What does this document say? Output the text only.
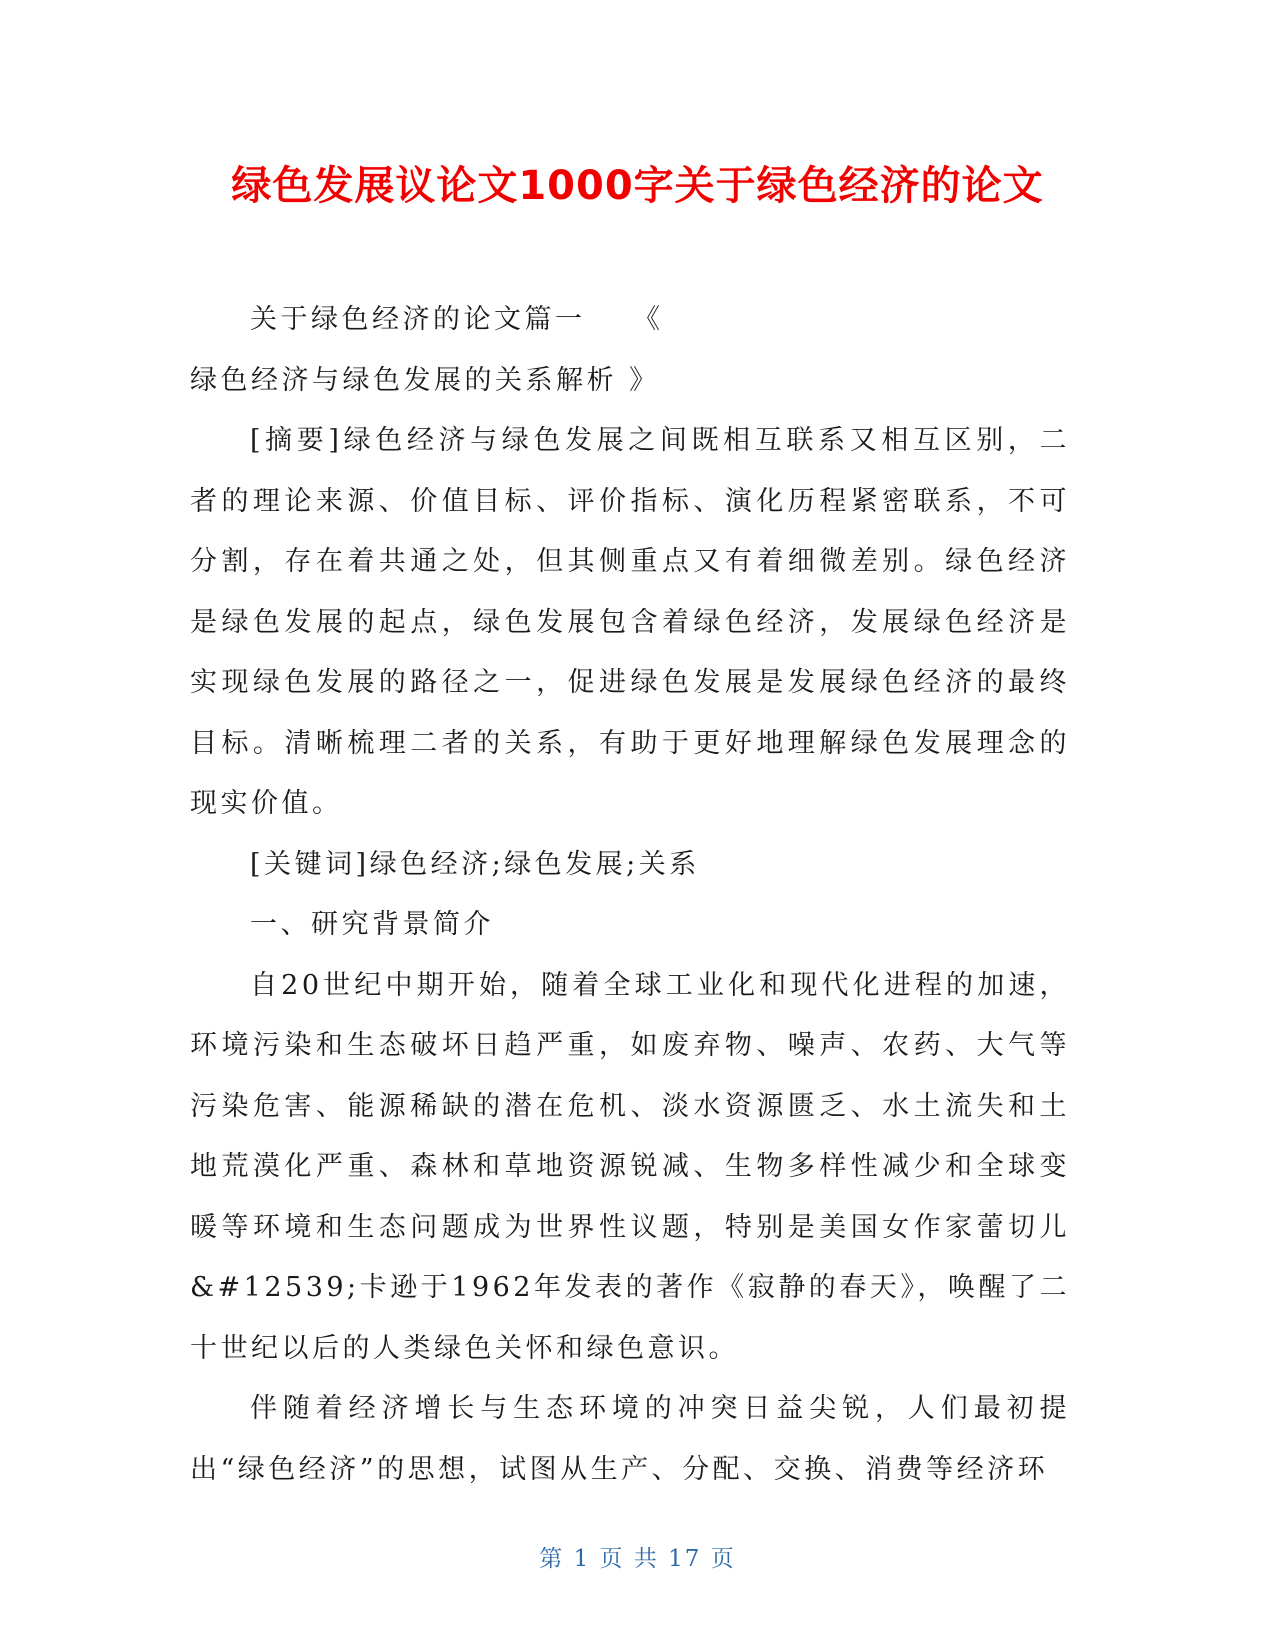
绿色发展议论文1000字关于绿色经济的论文

关于绿色经济的论文篇一　　《

绿色经济与绿色发展的关系解析 》

[摘要]绿色经济与绿色发展之间既相互联系又相互区别，二者的理论来源、价值目标、评价指标、演化历程紧密联系，不可分割，存在着共通之处，但其侧重点又有着细微差别。绿色经济是绿色发展的起点，绿色发展包含着绿色经济，发展绿色经济是实现绿色发展的路径之一，促进绿色发展是发展绿色经济的最终目标。清晰梳理二者的关系，有助于更好地理解绿色发展理念的现实价值。

[关键词]绿色经济;绿色发展;关系

一、研究背景简介

自20世纪中期开始，随着全球工业化和现代化进程的加速，环境污染和生态破坏日趋严重，如废弃物、噪声、农药、大气等污染危害、能源稀缺的潜在危机、淡水资源匮乏、水土流失和土地荒漠化严重、森林和草地资源锐减、生物多样性减少和全球变暖等环境和生态问题成为世界性议题，特别是美国女作家蕾切儿&#12539;卡逊于1962年发表的著作《寂静的春天》，唤醒了二十世纪以后的人类绿色关怀和绿色意识。

伴随着经济增长与生态环境的冲突日益尖锐，人们最初提出“绿色经济”的思想，试图从生产、分配、交换、消费等经济环

第 1 页 共 17 页
